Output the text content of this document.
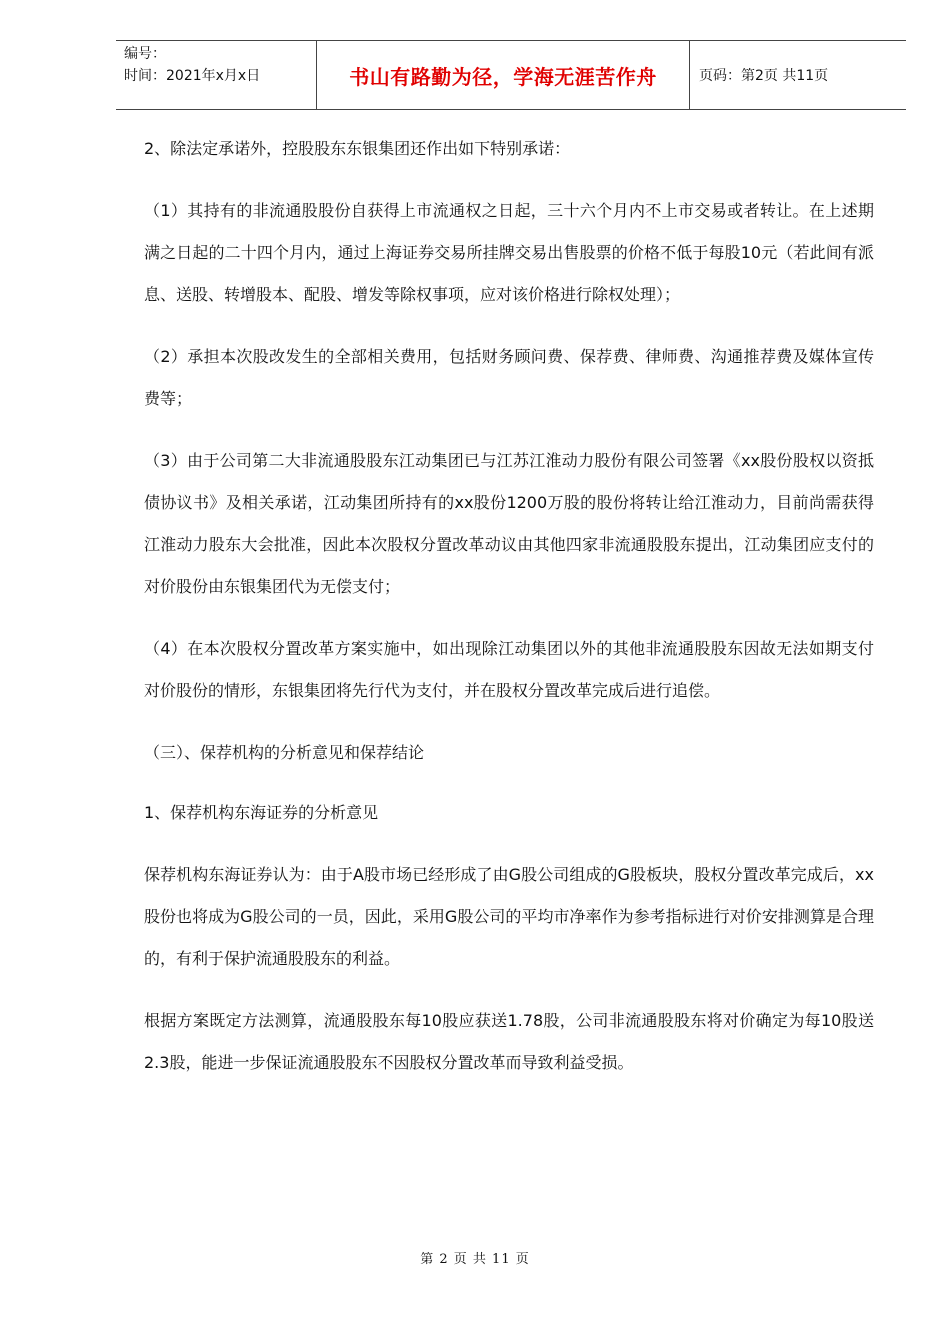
编号：
时间：2021年x月x日	书山有路勤为径，学海无涯苦作舟	页码：第2页 共11页

2、除法定承诺外，控股股东东银集团还作出如下特别承诺：

（1）其持有的非流通股股份自获得上市流通权之日起，三十六个月内不上市交易或者转让。在上述期满之日起的二十四个月内，通过上海证券交易所挂牌交易出售股票的价格不低于每股10元（若此间有派息、送股、转增股本、配股、增发等除权事项，应对该价格进行除权处理）；

（2）承担本次股改发生的全部相关费用，包括财务顾问费、保荐费、律师费、沟通推荐费及媒体宣传费等；

（3）由于公司第二大非流通股股东江动集团已与江苏江淮动力股份有限公司签署《xx股份股权以资抵债协议书》及相关承诺，江动集团所持有的xx股份1200万股的股份将转让给江淮动力，目前尚需获得江淮动力股东大会批准，因此本次股权分置改革动议由其他四家非流通股股东提出，江动集团应支付的对价股份由东银集团代为无偿支付；

（4）在本次股权分置改革方案实施中，如出现除江动集团以外的其他非流通股股东因故无法如期支付对价股份的情形，东银集团将先行代为支付，并在股权分置改革完成后进行追偿。

（三）、保荐机构的分析意见和保荐结论

1、保荐机构东海证券的分析意见

保荐机构东海证券认为：由于A股市场已经形成了由G股公司组成的G股板块，股权分置改革完成后，xx股份也将成为G股公司的一员，因此，采用G股公司的平均市净率作为参考指标进行对价安排测算是合理的，有利于保护流通股股东的利益。

根据方案既定方法测算，流通股股东每10股应获送1.78股，公司非流通股股东将对价确定为每10股送2.3股，能进一步保证流通股股东不因股权分置改革而导致利益受损。

第 2 页 共 11 页
